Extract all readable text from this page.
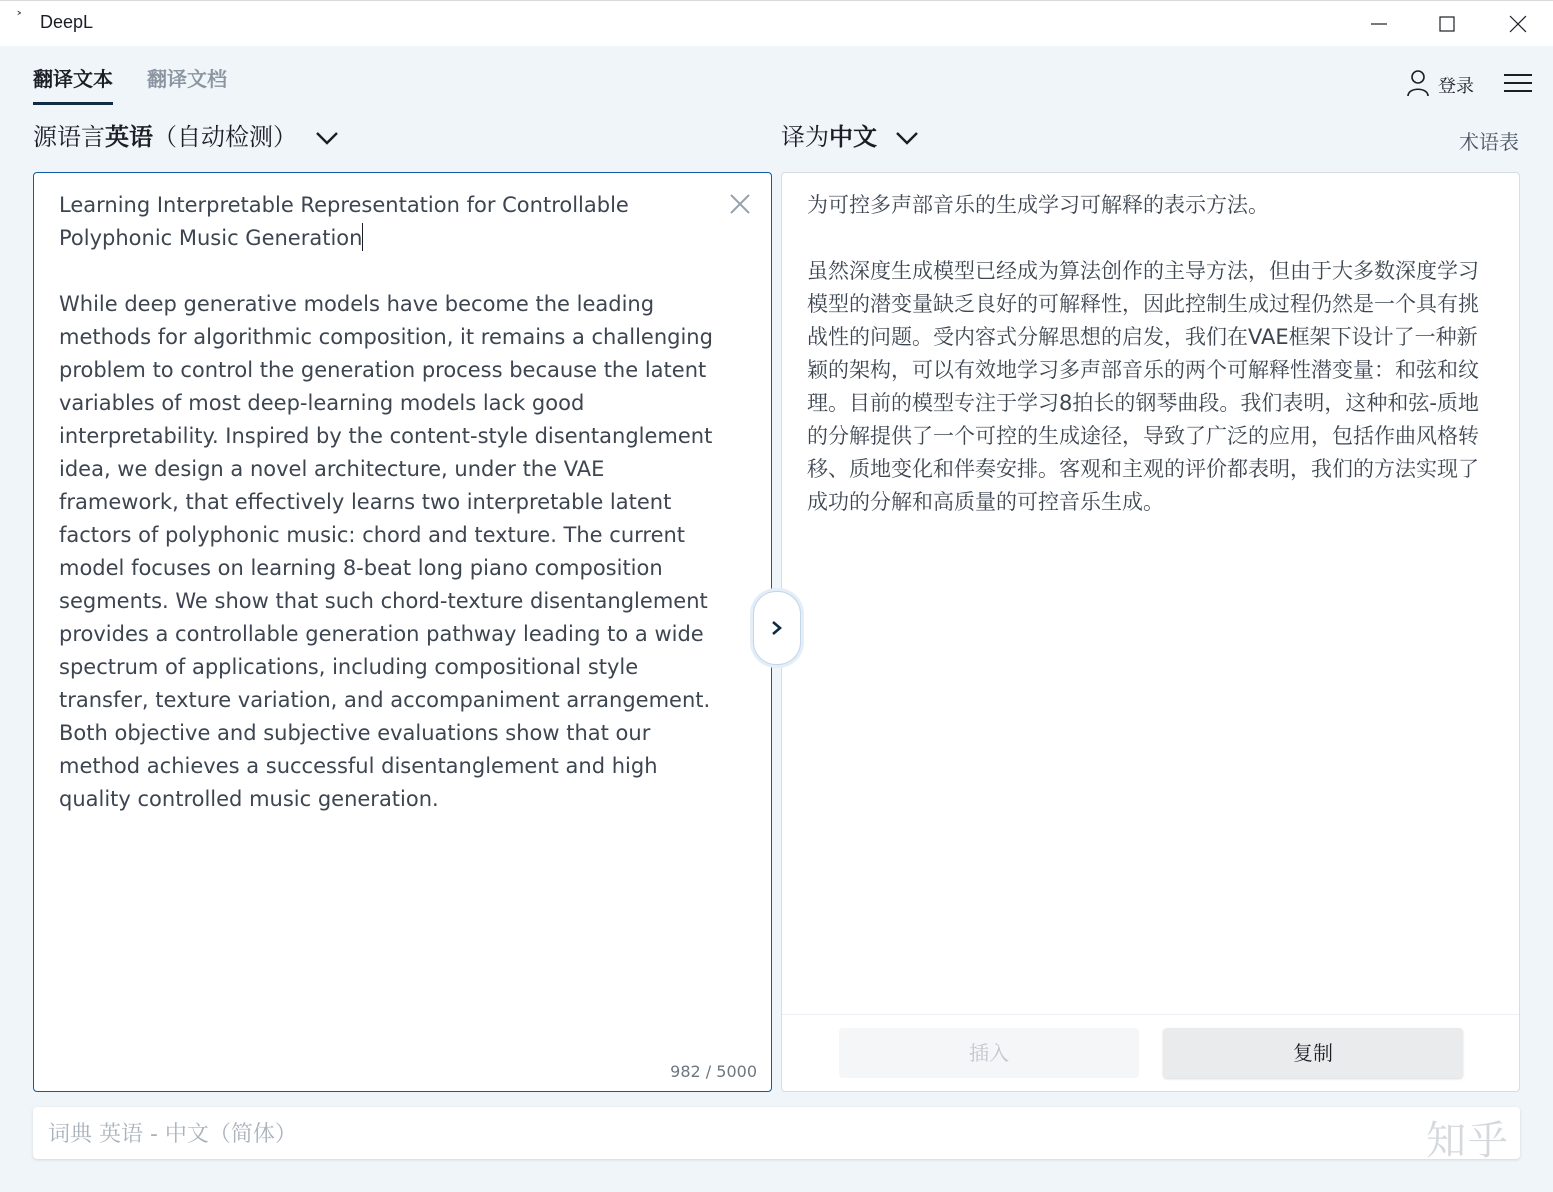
˃ DeepL
翻译文本 翻译文档	登录
源语言英语（自动检测）	译为中文	术语表
Learning Interpretable Representation for Controllable
Polyphonic Music Generation

While deep generative models have become the leading methods for algorithmic composition, it remains a challenging problem to control the generation process because the latent variables of most deep-learning models lack good interpretability. Inspired by the content-style disentanglement idea, we design a novel architecture, under the VAE framework, that effectively learns two interpretable latent factors of polyphonic music: chord and texture. The current model focuses on learning 8-beat long piano composition segments. We show that such chord-texture disentanglement provides a controllable generation pathway leading to a wide spectrum of applications, including compositional style transfer, texture variation, and accompaniment arrangement. Both objective and subjective evaluations show that our method achieves a successful disentanglement and high quality controlled music generation.
982 / 5000
为可控多声部音乐的生成学习可解释的表示方法。

虽然深度生成模型已经成为算法创作的主导方法，但由于大多数深度学习模型的潜变量缺乏良好的可解释性，因此控制生成过程仍然是一个具有挑战性的问题。受内容式分解思想的启发，我们在VAE框架下设计了一种新颖的架构，可以有效地学习多声部音乐的两个可解释性潜变量：和弦和纹理。目前的模型专注于学习8拍长的钢琴曲段。我们表明，这种和弦-质地的分解提供了一个可控的生成途径，导致了广泛的应用，包括作曲风格转移、质地变化和伴奏安排。客观和主观的评价都表明，我们的方法实现了成功的分解和高质量的可控音乐生成。
插入	复制
词典 英语 - 中文（简体）	知乎
